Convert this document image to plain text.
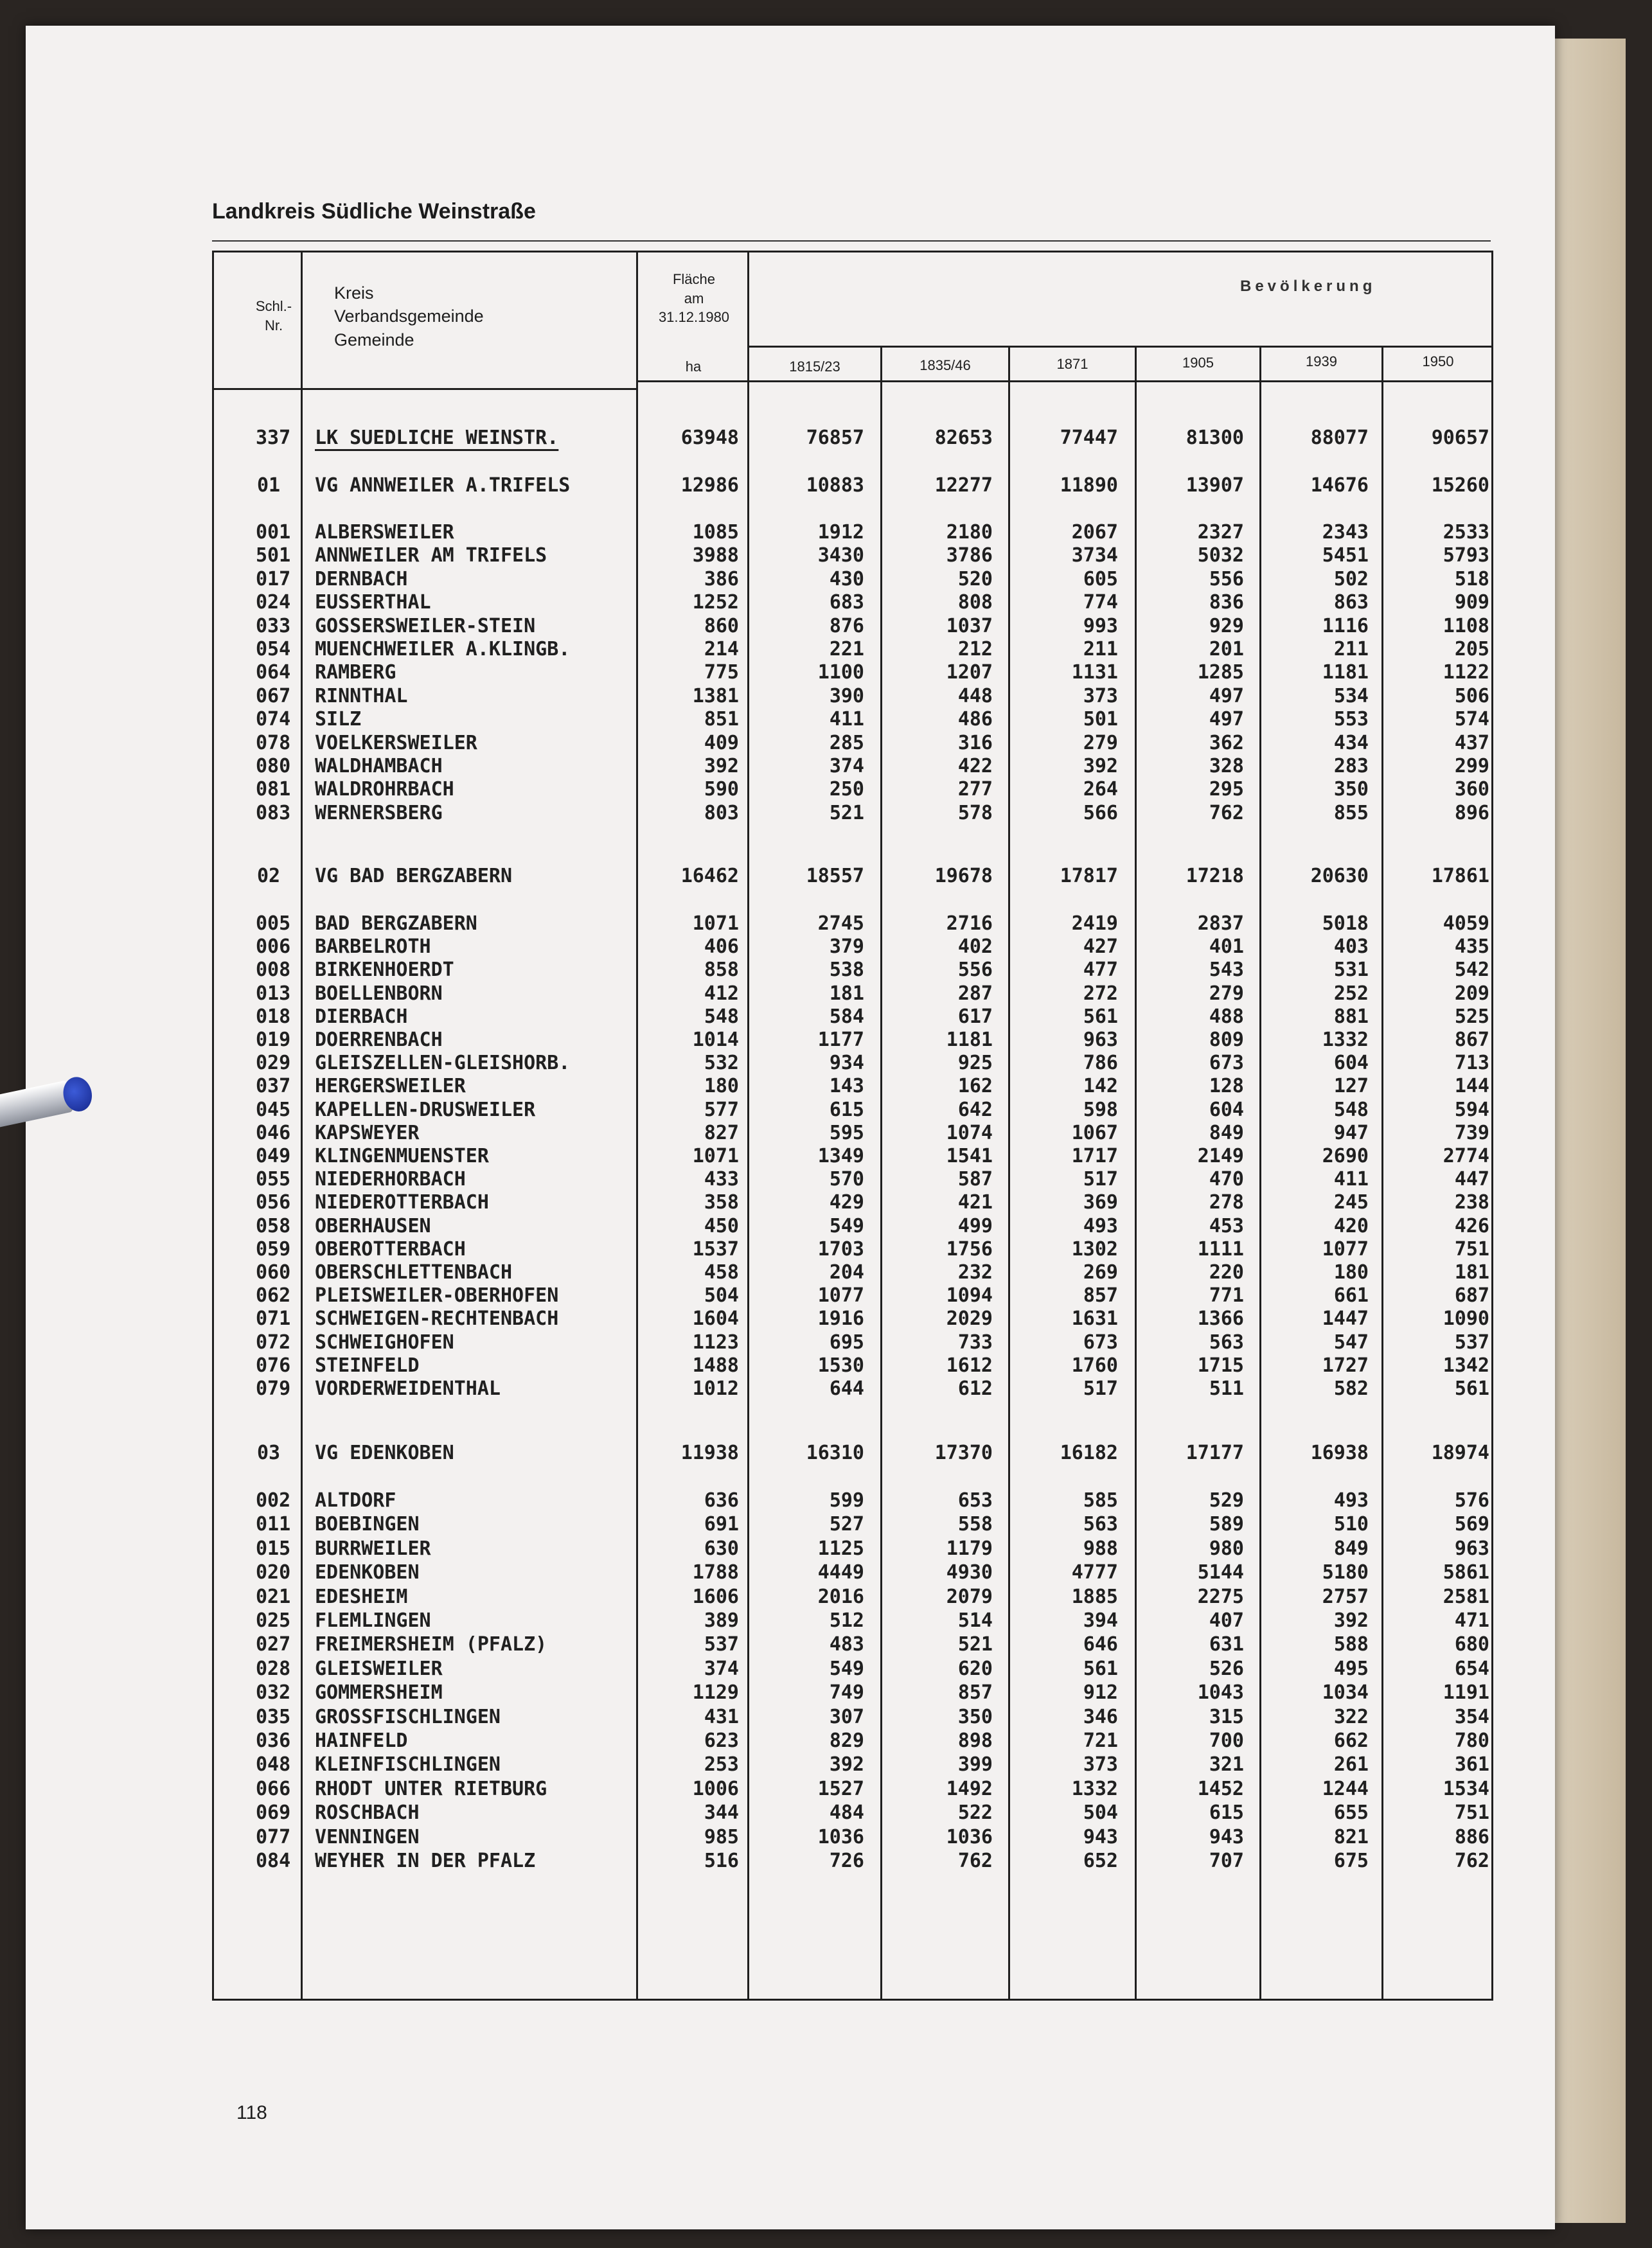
Landkreis Südliche Weinstraße
Schl.-
Nr.
Kreis
Verbandsgemeinde
Gemeinde
Fläche
am
31.12.1980
Bevölkerung
ha	1815/23	1835/46	1871	1905	1939	1950
337 LK SUEDLICHE WEINSTR.	63948	76857	82653	77447	81300	88077	90657
01 VG ANNWEILER A.TRIFELS	12986	10883	12277	11890	13907	14676	15260
001 ALBERSWEILER	1085	1912	2180	2067	2327	2343	2533
501 ANNWEILER AM TRIFELS	3988	3430	3786	3734	5032	5451	5793
017 DERNBACH	386	430	520	605	556	502	518
024 EUSSERTHAL	1252	683	808	774	836	863	909
033 GOSSERSWEILER-STEIN	860	876	1037	993	929	1116	1108
054 MUENCHWEILER A.KLINGB.	214	221	212	211	201	211	205
064 RAMBERG	775	1100	1207	1131	1285	1181	1122
067 RINNTHAL	1381	390	448	373	497	534	506
074 SILZ	851	411	486	501	497	553	574
078 VOELKERSWEILER	409	285	316	279	362	434	437
080 WALDHAMBACH	392	374	422	392	328	283	299
081 WALDROHRBACH	590	250	277	264	295	350	360
083 WERNERSBERG	803	521	578	566	762	855	896
02 VG BAD BERGZABERN	16462	18557	19678	17817	17218	20630	17861
005 BAD BERGZABERN	1071	2745	2716	2419	2837	5018	4059
006 BARBELROTH	406	379	402	427	401	403	435
008 BIRKENHOERDT	858	538	556	477	543	531	542
013 BOELLENBORN	412	181	287	272	279	252	209
018 DIERBACH	548	584	617	561	488	881	525
019 DOERRENBACH	1014	1177	1181	963	809	1332	867
029 GLEISZELLEN-GLEISHORB.	532	934	925	786	673	604	713
037 HERGERSWEILER	180	143	162	142	128	127	144
045 KAPELLEN-DRUSWEILER	577	615	642	598	604	548	594
046 KAPSWEYER	827	595	1074	1067	849	947	739
049 KLINGENMUENSTER	1071	1349	1541	1717	2149	2690	2774
055 NIEDERHORBACH	433	570	587	517	470	411	447
056 NIEDEROTTERBACH	358	429	421	369	278	245	238
058 OBERHAUSEN	450	549	499	493	453	420	426
059 OBEROTTERBACH	1537	1703	1756	1302	1111	1077	751
060 OBERSCHLETTENBACH	458	204	232	269	220	180	181
062 PLEISWEILER-OBERHOFEN	504	1077	1094	857	771	661	687
071 SCHWEIGEN-RECHTENBACH	1604	1916	2029	1631	1366	1447	1090
072 SCHWEIGHOFEN	1123	695	733	673	563	547	537
076 STEINFELD	1488	1530	1612	1760	1715	1727	1342
079 VORDERWEIDENTHAL	1012	644	612	517	511	582	561
03 VG EDENKOBEN	11938	16310	17370	16182	17177	16938	18974
002 ALTDORF	636	599	653	585	529	493	576
011 BOEBINGEN	691	527	558	563	589	510	569
015 BURRWEILER	630	1125	1179	988	980	849	963
020 EDENKOBEN	1788	4449	4930	4777	5144	5180	5861
021 EDESHEIM	1606	2016	2079	1885	2275	2757	2581
025 FLEMLINGEN	389	512	514	394	407	392	471
027 FREIMERSHEIM (PFALZ)	537	483	521	646	631	588	680
028 GLEISWEILER	374	549	620	561	526	495	654
032 GOMMERSHEIM	1129	749	857	912	1043	1034	1191
035 GROSSFISCHLINGEN	431	307	350	346	315	322	354
036 HAINFELD	623	829	898	721	700	662	780
048 KLEINFISCHLINGEN	253	392	399	373	321	261	361
066 RHODT UNTER RIETBURG	1006	1527	1492	1332	1452	1244	1534
069 ROSCHBACH	344	484	522	504	615	655	751
077 VENNINGEN	985	1036	1036	943	943	821	886
084 WEYHER IN DER PFALZ	516	726	762	652	707	675	762
118
